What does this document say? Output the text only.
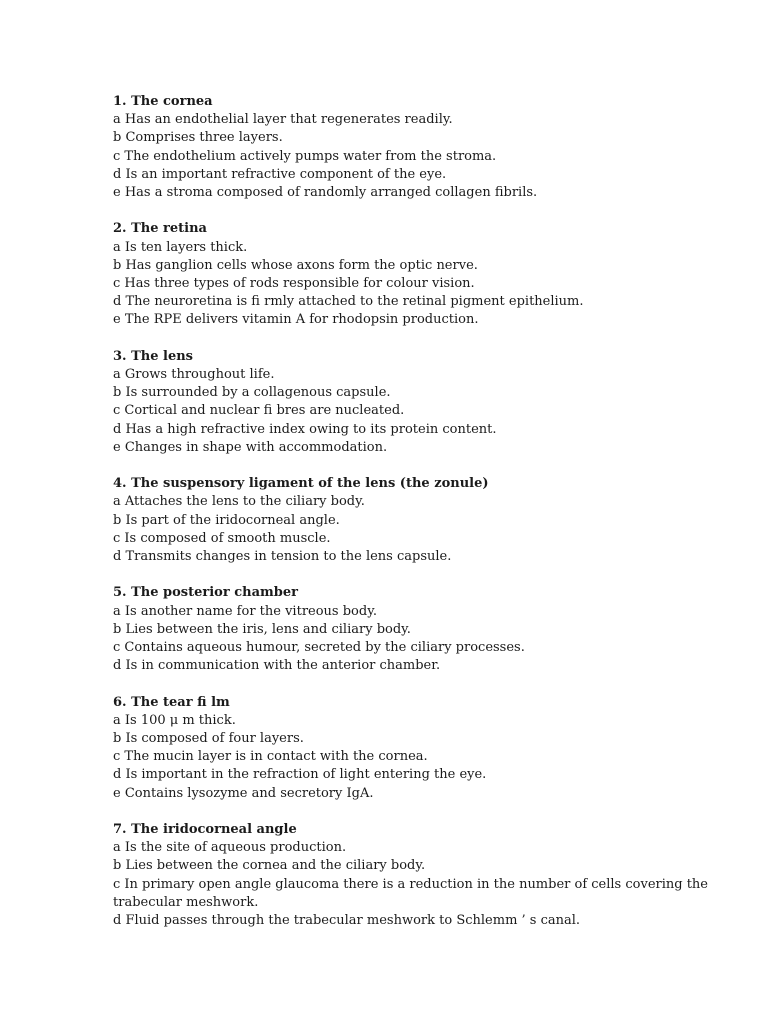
1. The cornea
a Has an endothelial layer that regenerates readily.
b Comprises three layers.
c The endothelium actively pumps water from the stroma.
d Is an important refractive component of the eye.
e Has a stroma composed of randomly arranged collagen fibrils.
2. The retina
a Is ten layers thick.
b Has ganglion cells whose axons form the optic nerve.
c Has three types of rods responsible for colour vision.
d The neuroretina is fi rmly attached to the retinal pigment epithelium.
e The RPE delivers vitamin A for rhodopsin production.
3. The lens
a Grows throughout life.
b Is surrounded by a collagenous capsule.
c Cortical and nuclear fi bres are nucleated.
d Has a high refractive index owing to its protein content.
e Changes in shape with accommodation.
4. The suspensory ligament of the lens (the zonule)
a Attaches the lens to the ciliary body.
b Is part of the iridocorneal angle.
c Is composed of smooth muscle.
d Transmits changes in tension to the lens capsule.
5. The posterior chamber
a Is another name for the vitreous body.
b Lies between the iris, lens and ciliary body.
c Contains aqueous humour, secreted by the ciliary processes.
d Is in communication with the anterior chamber.
6. The tear fi lm
a Is 100 μ m thick.
b Is composed of four layers.
c The mucin layer is in contact with the cornea.
d Is important in the refraction of light entering the eye.
e Contains lysozyme and secretory IgA.
7. The iridocorneal angle
a Is the site of aqueous production.
b Lies between the cornea and the ciliary body.
c In primary open angle glaucoma there is a reduction in the number of cells covering the trabecular meshwork.
d Fluid passes through the trabecular meshwork to Schlemm ’ s canal.
